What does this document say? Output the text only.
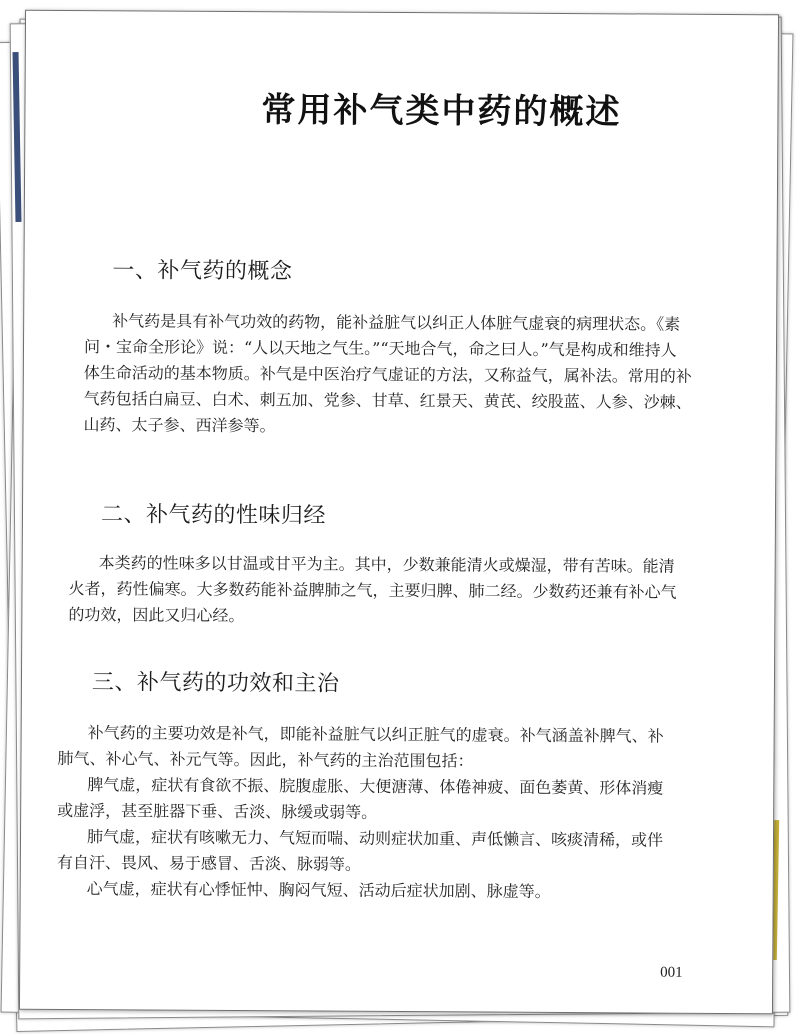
常用补气类中药的概述
一、补气药的概念

补气药是具有补气功效的药物，能补益脏气以纠正人体脏气虚衰的病理状态。《素

问・宝命全形论》说：“人以天地之气生。”“天地合气，命之曰人。”气是构成和维持人

体生命活动的基本物质。补气是中医治疗气虚证的方法，又称益气，属补法。常用的补

气药包括白扁豆、白术、刺五加、党参、甘草、红景天、黄芪、绞股蓝、人参、沙棘、

山药、太子参、西洋参等。

二、补气药的性味归经

本类药的性味多以甘温或甘平为主。其中，少数兼能清火或燥湿，带有苦味。能清

火者，药性偏寒。大多数药能补益脾肺之气，主要归脾、肺二经。少数药还兼有补心气

的功效，因此又归心经。

三、补气药的功效和主治

补气药的主要功效是补气，即能补益脏气以纠正脏气的虚衰。补气涵盖补脾气、补

肺气、补心气、补元气等。因此，补气药的主治范围包括：

脾气虚，症状有食欲不振、脘腹虚胀、大便溏薄、体倦神疲、面色萎黄、形体消瘦

或虚浮，甚至脏器下垂、舌淡、脉缓或弱等。

肺气虚，症状有咳嗽无力、气短而喘、动则症状加重、声低懒言、咳痰清稀，或伴

有自汗、畏风、易于感冒、舌淡、脉弱等。

心气虚，症状有心悸怔忡、胸闷气短、活动后症状加剧、脉虚等。

001
